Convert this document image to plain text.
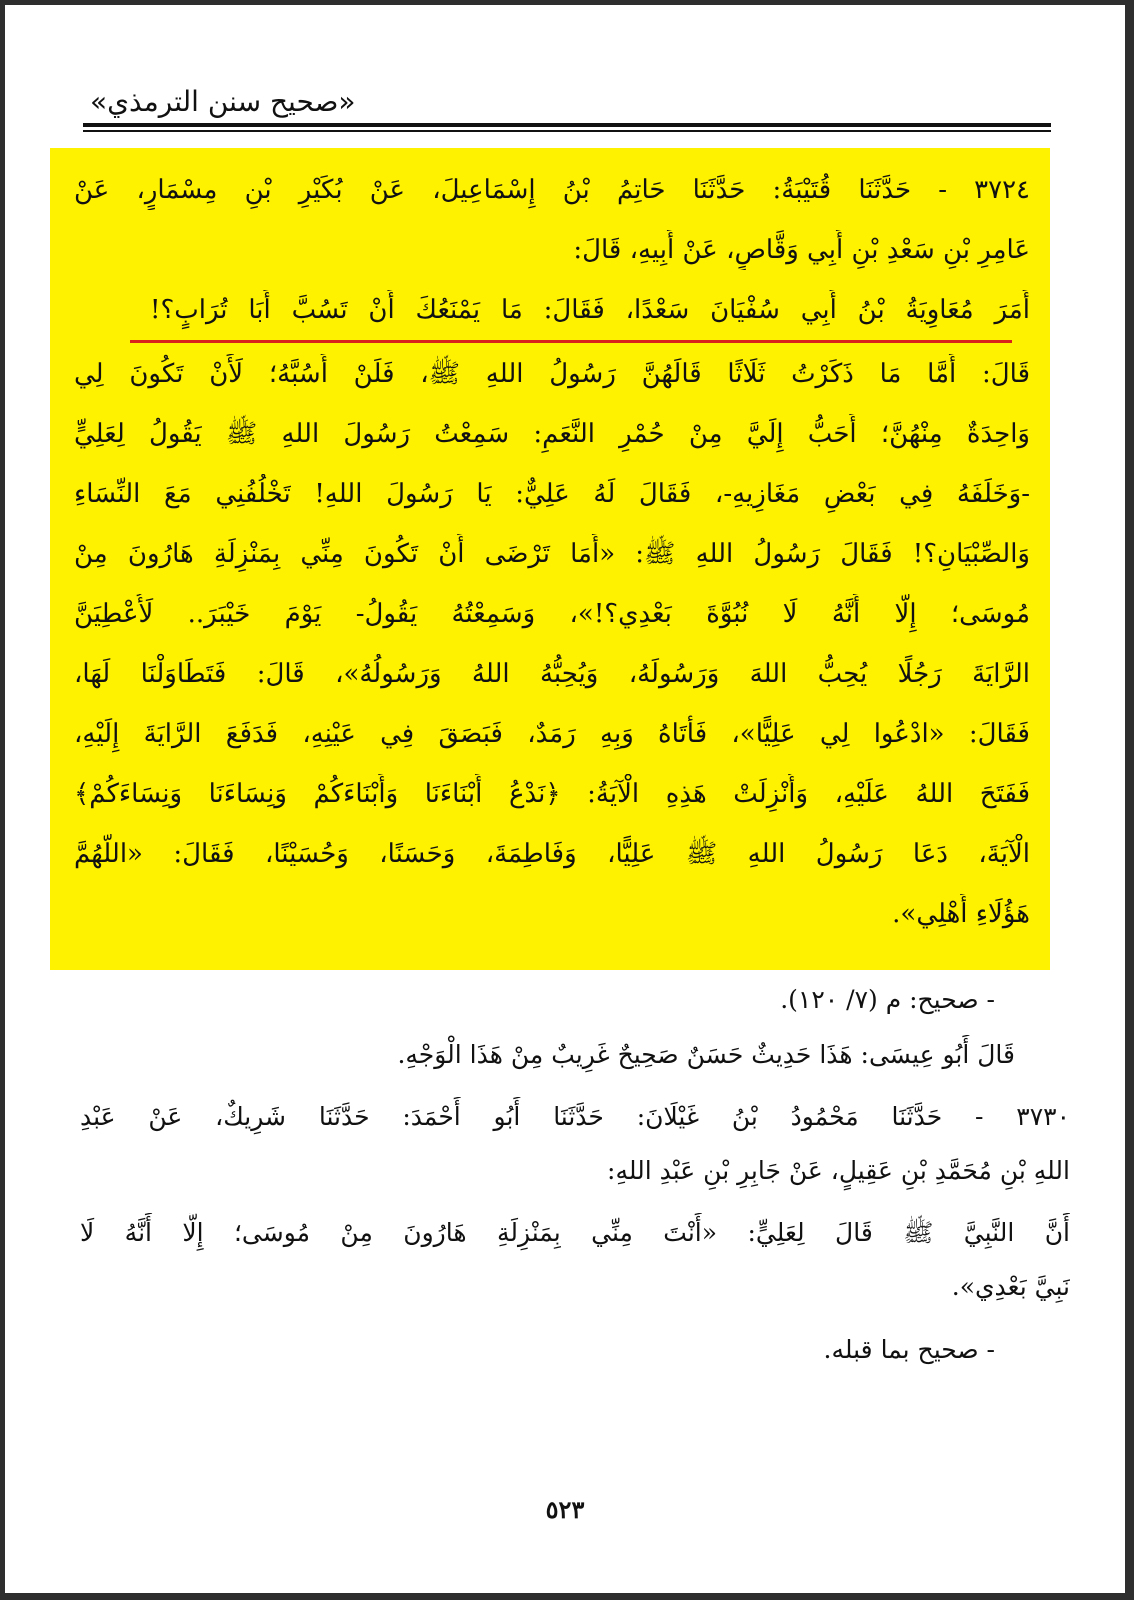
«صحيح سنن الترمذي»
٣٧٢٤ - حَدَّثَنَا قُتَيْبَةُ: حَدَّثَنَا حَاتِمُ بْنُ إِسْمَاعِيلَ، عَنْ بُكَيْرِ بْنِ مِسْمَارٍ، عَنْ
عَامِرِ بْنِ سَعْدِ بْنِ أَبِي وَقَّاصٍ، عَنْ أَبِيهِ، قَالَ:
أَمَرَ مُعَاوِيَةُ بْنُ أَبِي سُفْيَانَ سَعْدًا، فَقَالَ: مَا يَمْنَعُكَ أَنْ تَسُبَّ أَبَا تُرَابٍ؟!
قَالَ: أَمَّا مَا ذَكَرْتُ ثَلَاثًا قَالَهُنَّ رَسُولُ اللهِ ﷺ، فَلَنْ أَسُبَّهُ؛ لَأَنْ تَكُونَ لِي
وَاحِدَةٌ مِنْهُنَّ؛ أَحَبُّ إِلَيَّ مِنْ حُمْرِ النَّعَمِ: سَمِعْتُ رَسُولَ اللهِ ﷺ يَقُولُ لِعَلِيٍّ
-وَخَلَفَهُ فِي بَعْضِ مَغَازِيهِ-، فَقَالَ لَهُ عَلِيٌّ: يَا رَسُولَ اللهِ! تَخْلُفُنِي مَعَ النِّسَاءِ
وَالصِّبْيَانِ؟! فَقَالَ رَسُولُ اللهِ ﷺ: «أَمَا تَرْضَى أَنْ تَكُونَ مِنِّي بِمَنْزِلَةِ هَارُونَ مِنْ
مُوسَى؛ إِلَّا أَنَّهُ لَا نُبُوَّةَ بَعْدِي؟!»، وَسَمِعْتُهُ يَقُولُ- يَوْمَ خَيْبَرَ.. لَأُعْطِيَنَّ
الرَّايَةَ رَجُلًا يُحِبُّ اللهَ وَرَسُولَهُ، وَيُحِبُّهُ اللهُ وَرَسُولُهُ»، قَالَ: فَتَطَاوَلْنَا لَهَا،
فَقَالَ: «ادْعُوا لِي عَلِيًّا»، فَأَتَاهُ وَبِهِ رَمَدٌ، فَبَصَقَ فِي عَيْنِهِ، فَدَفَعَ الرَّايَةَ إِلَيْهِ،
فَفَتَحَ اللهُ عَلَيْهِ، وَأُنْزِلَتْ هَذِهِ الْآيَةُ: ﴿نَدْعُ أَبْنَاءَنَا وَأَبْنَاءَكُمْ وَنِسَاءَنَا وَنِسَاءَكُمْ﴾
الْآيَةَ، دَعَا رَسُولُ اللهِ ﷺ عَلِيًّا، وَفَاطِمَةَ، وَحَسَنًا، وَحُسَيْنًا، فَقَالَ: «اللَّهُمَّ
هَؤُلَاءِ أَهْلِي».
- صحيح: م (٧/ ١٢٠).
قَالَ أَبُو عِيسَى: هَذَا حَدِيثٌ حَسَنٌ صَحِيحٌ غَرِيبٌ مِنْ هَذَا الْوَجْهِ.
٣٧٣٠ - حَدَّثَنَا مَحْمُودُ بْنُ غَيْلَانَ: حَدَّثَنَا أَبُو أَحْمَدَ: حَدَّثَنَا شَرِيكٌ، عَنْ عَبْدِ
اللهِ بْنِ مُحَمَّدِ بْنِ عَقِيلٍ، عَنْ جَابِرِ بْنِ عَبْدِ اللهِ:
أَنَّ النَّبِيَّ ﷺ قَالَ لِعَلِيٍّ: «أَنْتَ مِنِّي بِمَنْزِلَةِ هَارُونَ مِنْ مُوسَى؛ إِلَّا أَنَّهُ لَا
نَبِيَّ بَعْدِي».
- صحيح بما قبله.
٥٢٣
